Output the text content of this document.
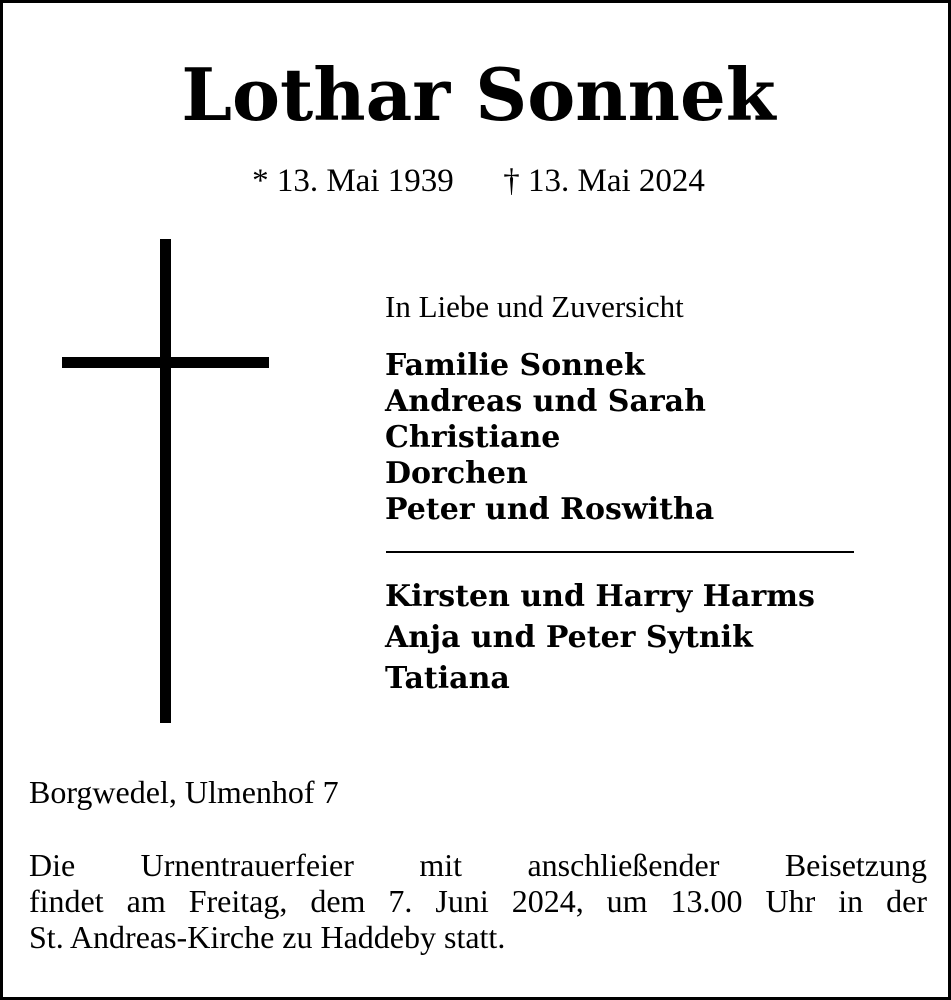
Lothar Sonnek
* 13. Mai 1939 † 13. Mai 2024
In Liebe und Zuversicht
Familie Sonnek
Andreas und Sarah
Christiane
Dorchen
Peter und Roswitha
Kirsten und Harry Harms
Anja und Peter Sytnik
Tatiana
Borgwedel, Ulmenhof 7

Die Urnentrauerfeier mit anschließender Beisetzung
findet am Freitag, dem 7. Juni 2024, um 13.00 Uhr in der
St. Andreas-Kirche zu Haddeby statt.
